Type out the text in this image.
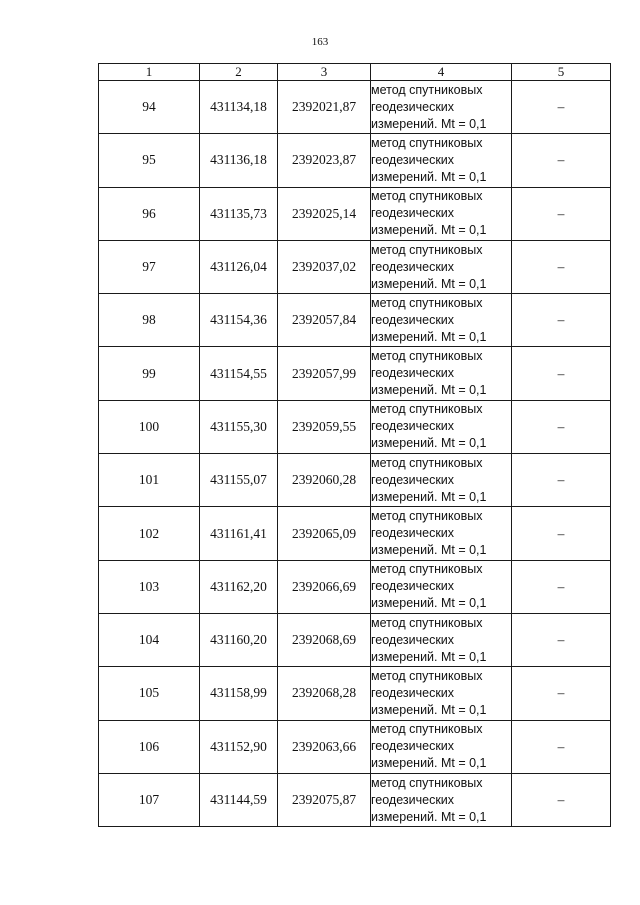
163
1	2	3	4	5
94	431134,18	2392021,87	метод спутниковых
геодезических
измерений. Mt = 0,1	–
95	431136,18	2392023,87	метод спутниковых
геодезических
измерений. Mt = 0,1	–
96	431135,73	2392025,14	метод спутниковых
геодезических
измерений. Mt = 0,1	–
97	431126,04	2392037,02	метод спутниковых
геодезических
измерений. Mt = 0,1	–
98	431154,36	2392057,84	метод спутниковых
геодезических
измерений. Mt = 0,1	–
99	431154,55	2392057,99	метод спутниковых
геодезических
измерений. Mt = 0,1	–
100	431155,30	2392059,55	метод спутниковых
геодезических
измерений. Mt = 0,1	–
101	431155,07	2392060,28	метод спутниковых
геодезических
измерений. Mt = 0,1	–
102	431161,41	2392065,09	метод спутниковых
геодезических
измерений. Mt = 0,1	–
103	431162,20	2392066,69	метод спутниковых
геодезических
измерений. Mt = 0,1	–
104	431160,20	2392068,69	метод спутниковых
геодезических
измерений. Mt = 0,1	–
105	431158,99	2392068,28	метод спутниковых
геодезических
измерений. Mt = 0,1	–
106	431152,90	2392063,66	метод спутниковых
геодезических
измерений. Mt = 0,1	–
107	431144,59	2392075,87	метод спутниковых
геодезических
измерений. Mt = 0,1	–
